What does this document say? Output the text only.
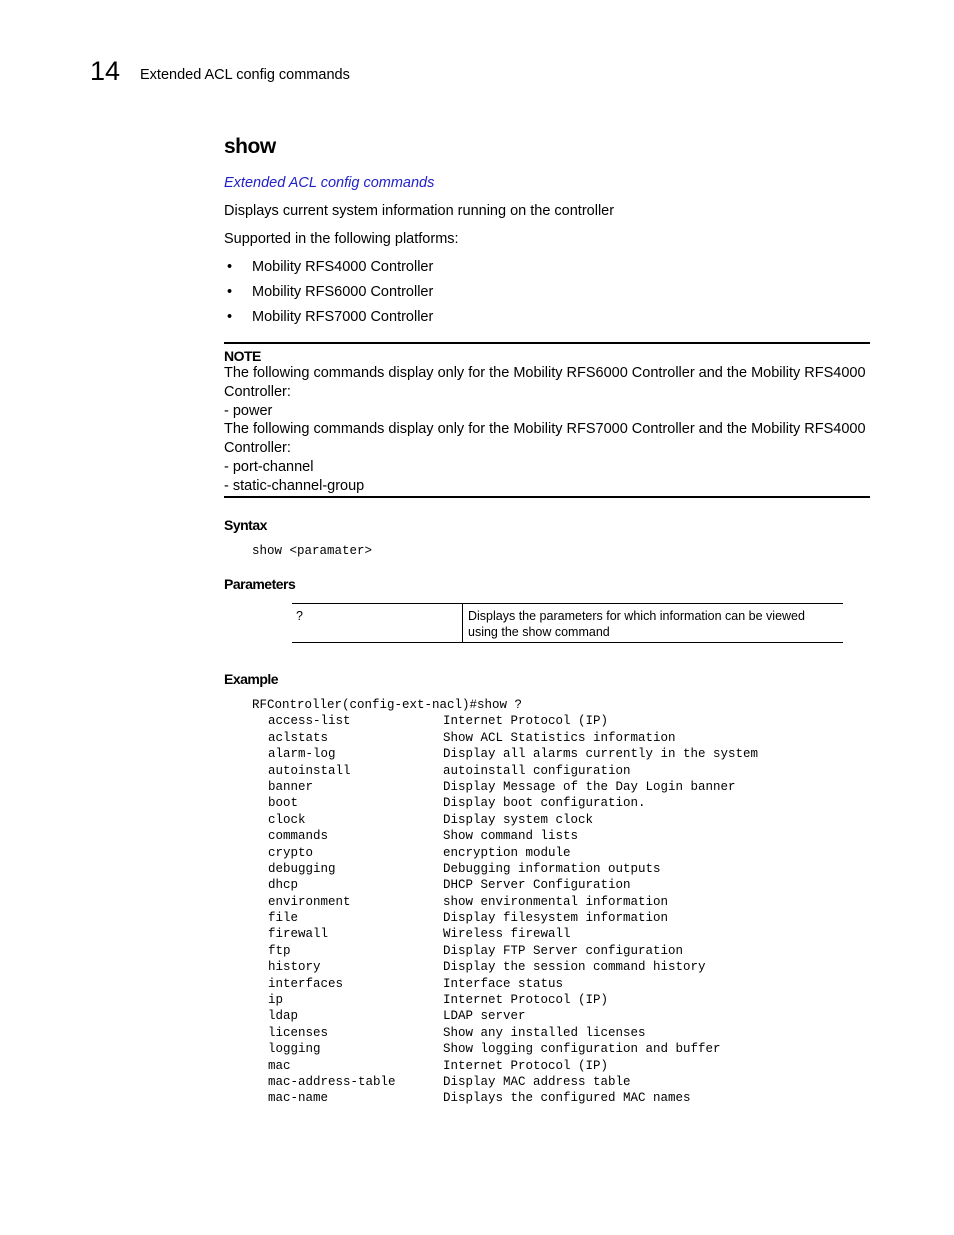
14 Extended ACL config commands
show
Extended ACL config commands
Displays current system information running on the controller
Supported in the following platforms:
• Mobility RFS4000 Controller
• Mobility RFS6000 Controller
• Mobility RFS7000 Controller
NOTE
The following commands display only for the Mobility RFS6000 Controller and the Mobility RFS4000
Controller:
- power
The following commands display only for the Mobility RFS7000 Controller and the Mobility RFS4000
Controller:
- port-channel
- static-channel-group
Syntax
show <paramater>
Parameters
?	Displays the parameters for which information can be viewed using the show command
Example
RFController(config-ext-nacl)#show ?
access-list	Internet Protocol (IP)
aclstats	Show ACL Statistics information
alarm-log	Display all alarms currently in the system
autoinstall	autoinstall configuration
banner	Display Message of the Day Login banner
boot	Display boot configuration.
clock	Display system clock
commands	Show command lists
crypto	encryption module
debugging	Debugging information outputs
dhcp	DHCP Server Configuration
environment	show environmental information
file	Display filesystem information
firewall	Wireless firewall
ftp	Display FTP Server configuration
history	Display the session command history
interfaces	Interface status
ip	Internet Protocol (IP)
ldap	LDAP server
licenses	Show any installed licenses
logging	Show logging configuration and buffer
mac	Internet Protocol (IP)
mac-address-table	Display MAC address table
mac-name	Displays the configured MAC names
